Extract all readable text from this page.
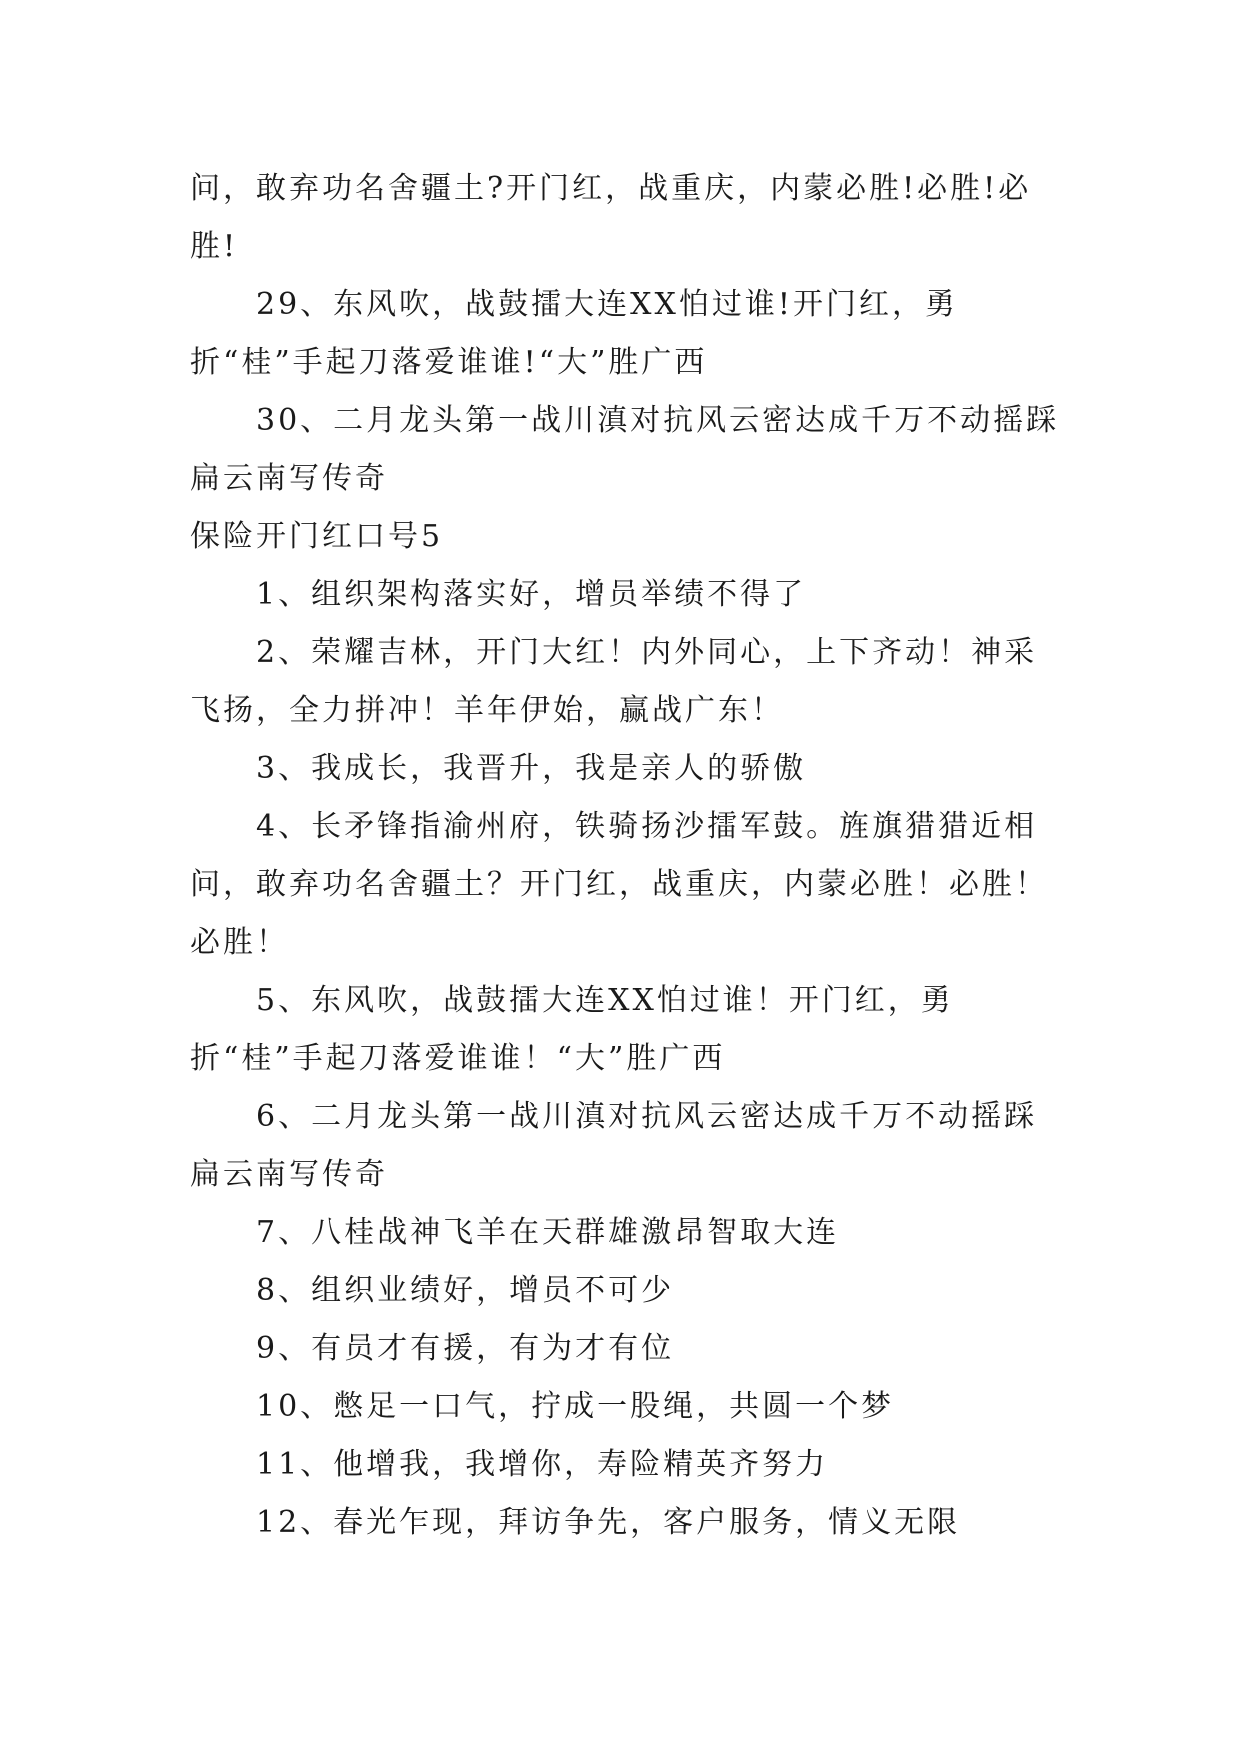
问，敢弃功名舍疆土?开门红，战重庆，内蒙必胜!必胜!必胜!

29、东风吹，战鼓擂大连XX怕过谁!开门红，勇折“桂”手起刀落爱谁谁!“大”胜广西

30、二月龙头第一战川滇对抗风云密达成千万不动摇踩扁云南写传奇

保险开门红口号5

1、组织架构落实好，增员举绩不得了

2、荣耀吉林，开门大红！内外同心，上下齐动！神采飞扬，全力拼冲！羊年伊始，赢战广东！

3、我成长，我晋升，我是亲人的骄傲

4、长矛锋指渝州府，铁骑扬沙擂军鼓。旌旗猎猎近相问，敢弃功名舍疆土？开门红，战重庆，内蒙必胜！必胜！必胜！

5、东风吹，战鼓擂大连XX怕过谁！开门红，勇折“桂”手起刀落爱谁谁！“大”胜广西

6、二月龙头第一战川滇对抗风云密达成千万不动摇踩扁云南写传奇

7、八桂战神飞羊在天群雄激昂智取大连

8、组织业绩好，增员不可少

9、有员才有援，有为才有位

10、憋足一口气，拧成一股绳，共圆一个梦

11、他增我，我增你，寿险精英齐努力

12、春光乍现，拜访争先，客户服务，情义无限
